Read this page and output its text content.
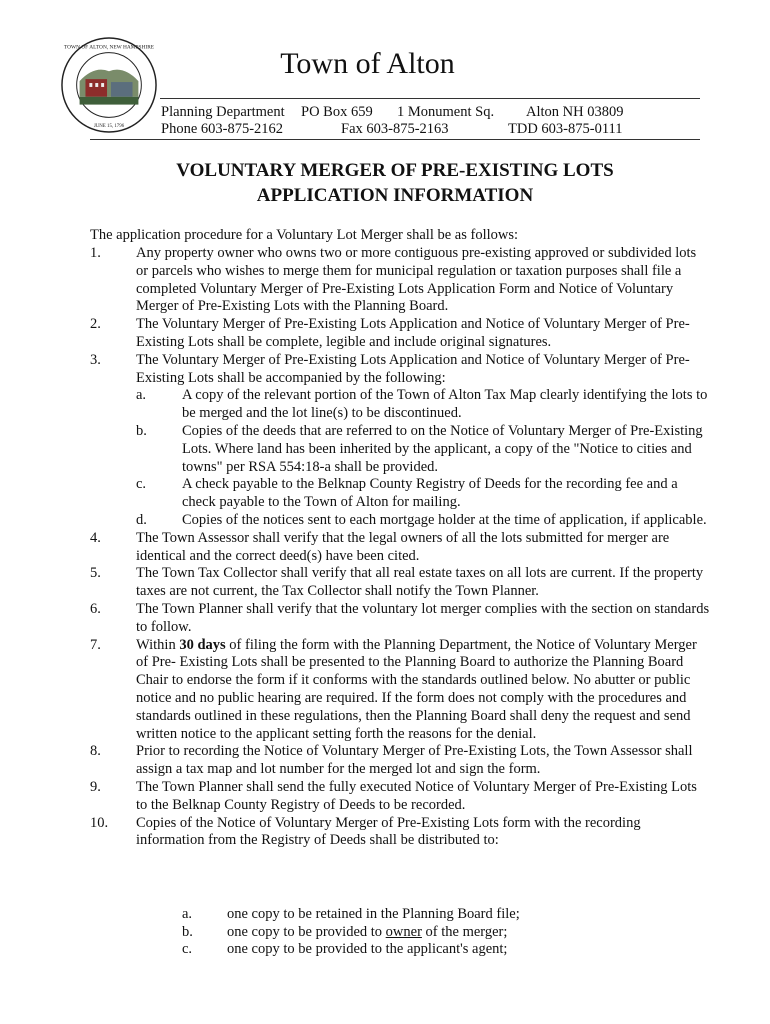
TOWN OF ALTON, NEW HAMPSHIRE
JUNE 15, 1796
Town of Alton
Planning Department PO Box 659 1 Monument Sq. Alton NH 03809
Phone 603-875-2162	Fax 603-875-2163	TDD 603-875-0111
VOLUNTARY MERGER OF PRE-EXISTING LOTS
APPLICATION INFORMATION
The application procedure for a Voluntary Lot Merger shall be as follows:
1. Any property owner who owns two or more contiguous pre-existing approved or subdivided lots or parcels who wishes to merge them for municipal regulation or taxation purposes shall file a completed Voluntary Merger of Pre-Existing Lots Application Form and Notice of Voluntary Merger of Pre-Existing Lots with the Planning Board.
2. The Voluntary Merger of Pre-Existing Lots Application and Notice of Voluntary Merger of Pre-Existing Lots shall be complete, legible and include original signatures.
3. The Voluntary Merger of Pre-Existing Lots Application and Notice of Voluntary Merger of Pre-Existing Lots shall be accompanied by the following:
a. A copy of the relevant portion of the Town of Alton Tax Map clearly identifying the lots to be merged and the lot line(s) to be discontinued.
b. Copies of the deeds that are referred to on the Notice of Voluntary Merger of Pre-Existing Lots. Where land has been inherited by the applicant, a copy of the "Notice to cities and towns" per RSA 554:18-a shall be provided.
c. A check payable to the Belknap County Registry of Deeds for the recording fee and a check payable to the Town of Alton for mailing.
d. Copies of the notices sent to each mortgage holder at the time of application, if applicable.
4. The Town Assessor shall verify that the legal owners of all the lots submitted for merger are identical and the correct deed(s) have been cited.
5. The Town Tax Collector shall verify that all real estate taxes on all lots are current. If the property taxes are not current, the Tax Collector shall notify the Town Planner.
6. The Town Planner shall verify that the voluntary lot merger complies with the section on standards to follow.
7. Within 30 days of filing the form with the Planning Department, the Notice of Voluntary Merger of Pre- Existing Lots shall be presented to the Planning Board to authorize the Planning Board Chair to endorse the form if it conforms with the standards outlined below. No abutter or public notice and no public hearing are required. If the form does not comply with the procedures and standards outlined in these regulations, then the Planning Board shall deny the request and send written notice to the applicant setting forth the reasons for the denial.
8. Prior to recording the Notice of Voluntary Merger of Pre-Existing Lots, the Town Assessor shall assign a tax map and lot number for the merged lot and sign the form.
9. The Town Planner shall send the fully executed Notice of Voluntary Merger of Pre-Existing Lots to the Belknap County Registry of Deeds to be recorded.
10. Copies of the Notice of Voluntary Merger of Pre-Existing Lots form with the recording information from the Registry of Deeds shall be distributed to:
a. one copy to be retained in the Planning Board file;
b. one copy to be provided to owner of the merger;
c. one copy to be provided to the applicant's agent;
